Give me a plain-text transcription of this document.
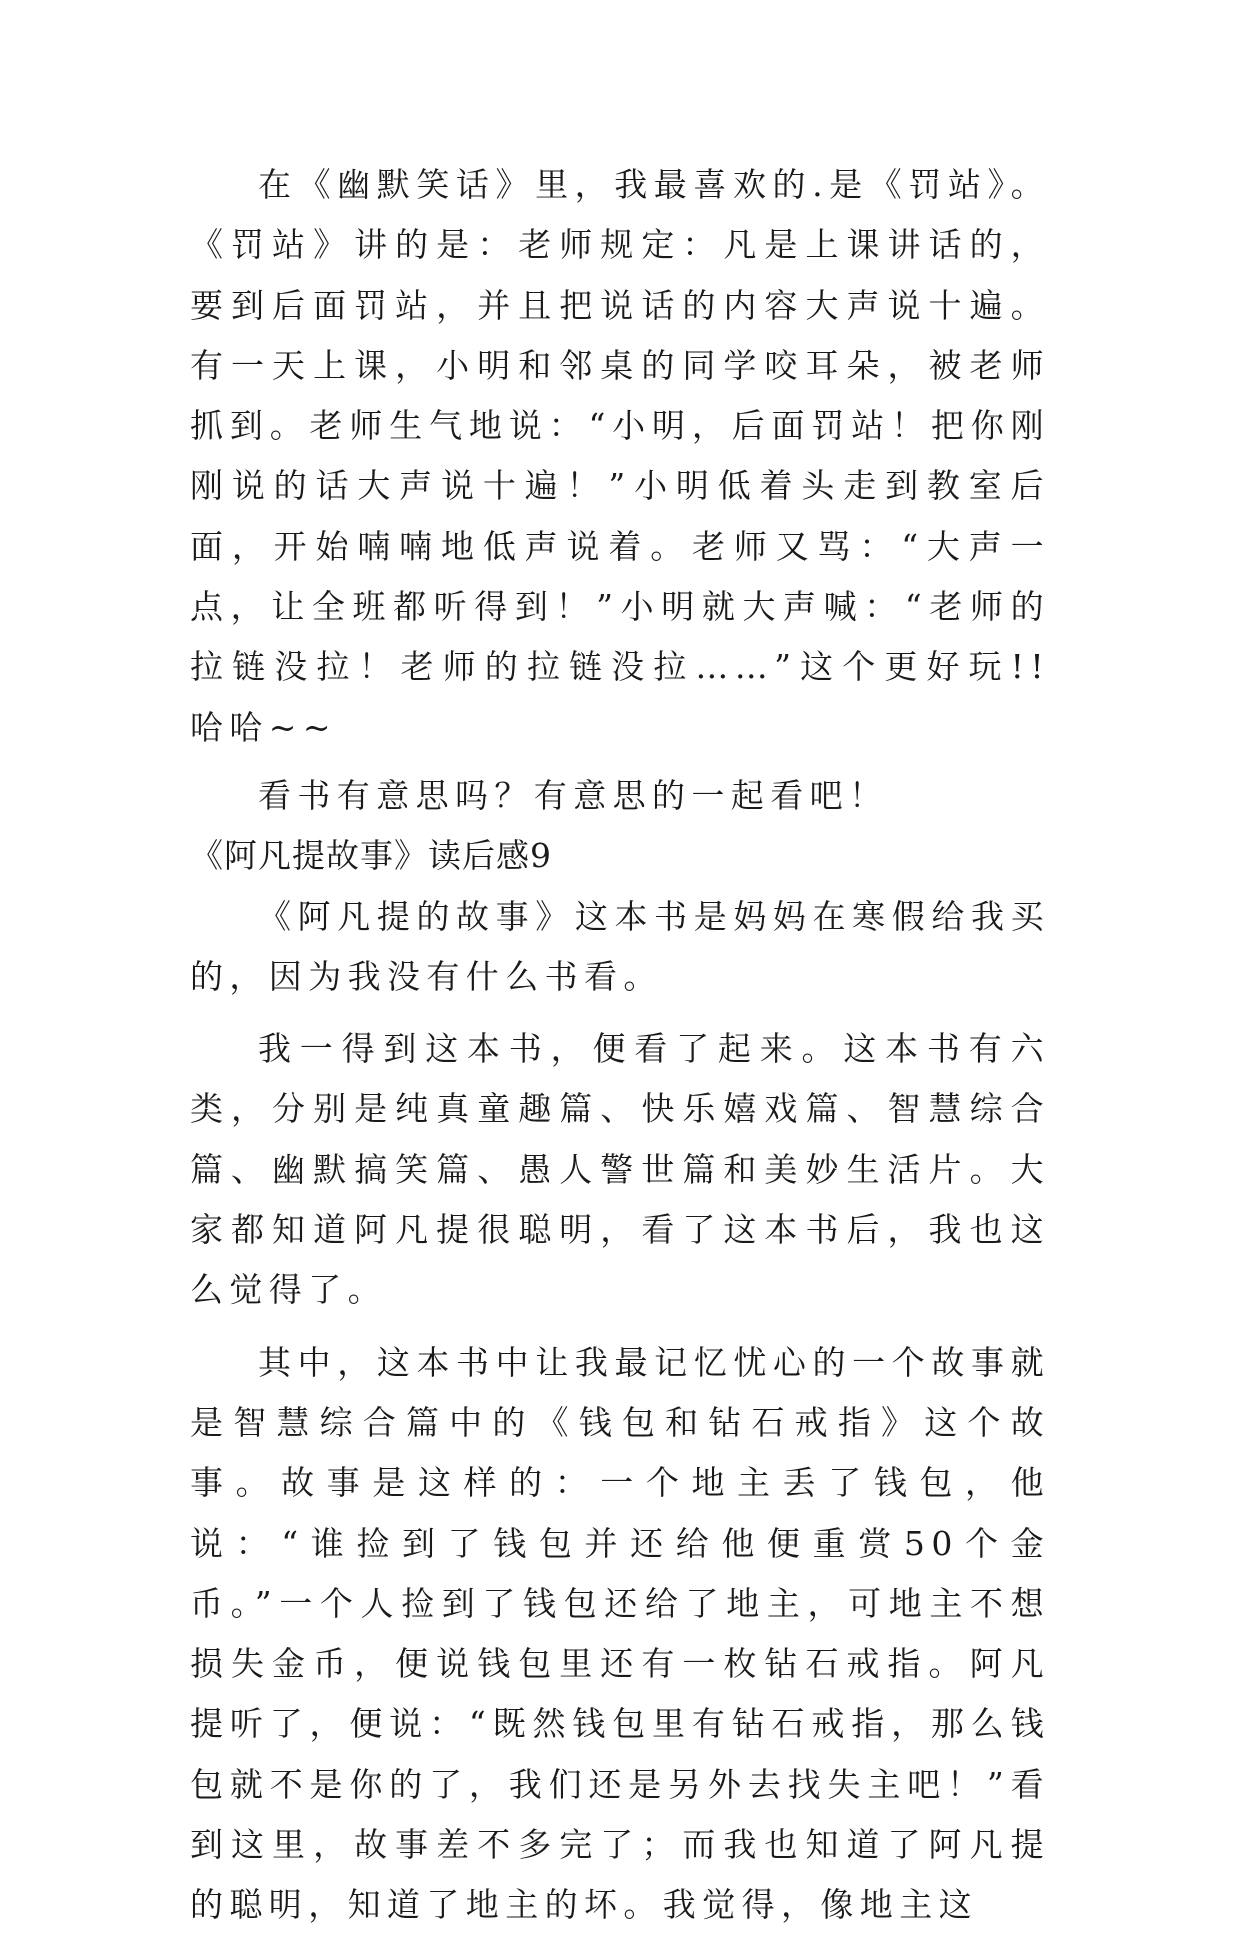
在《幽默笑话》里，我最喜欢的.是《罚站》。《罚站》讲的是：老师规定：凡是上课讲话的，要到后面罚站，并且把说话的内容大声说十遍。有一天上课，小明和邻桌的同学咬耳朵，被老师抓到。老师生气地说：“小明，后面罚站！把你刚刚说的话大声说十遍！”小明低着头走到教室后面，开始喃喃地低声说着。老师又骂：“大声一点，让全班都听得到！”小明就大声喊：“老师的拉链没拉！老师的拉链没拉……”这个更好玩!! 哈哈~~

看书有意思吗？有意思的一起看吧！

《阿凡提故事》读后感9

《阿凡提的故事》这本书是妈妈在寒假给我买的，因为我没有什么书看。

我一得到这本书，便看了起来。这本书有六类，分别是纯真童趣篇、快乐嬉戏篇、智慧综合篇、幽默搞笑篇、愚人警世篇和美妙生活片。大家都知道阿凡提很聪明，看了这本书后，我也这么觉得了。

其中，这本书中让我最记忆忧心的一个故事就是智慧综合篇中的《钱包和钻石戒指》这个故事。故事是这样的：一个地主丢了钱包，他说：“谁捡到了钱包并还给他便重赏50个金币。”一个人捡到了钱包还给了地主，可地主不想损失金币，便说钱包里还有一枚钻石戒指。阿凡提听了，便说：“既然钱包里有钻石戒指，那么钱包就不是你的了，我们还是另外去找失主吧！”看到这里，故事差不多完了；而我也知道了阿凡提的聪明，知道了地主的坏。我觉得，像地主这
